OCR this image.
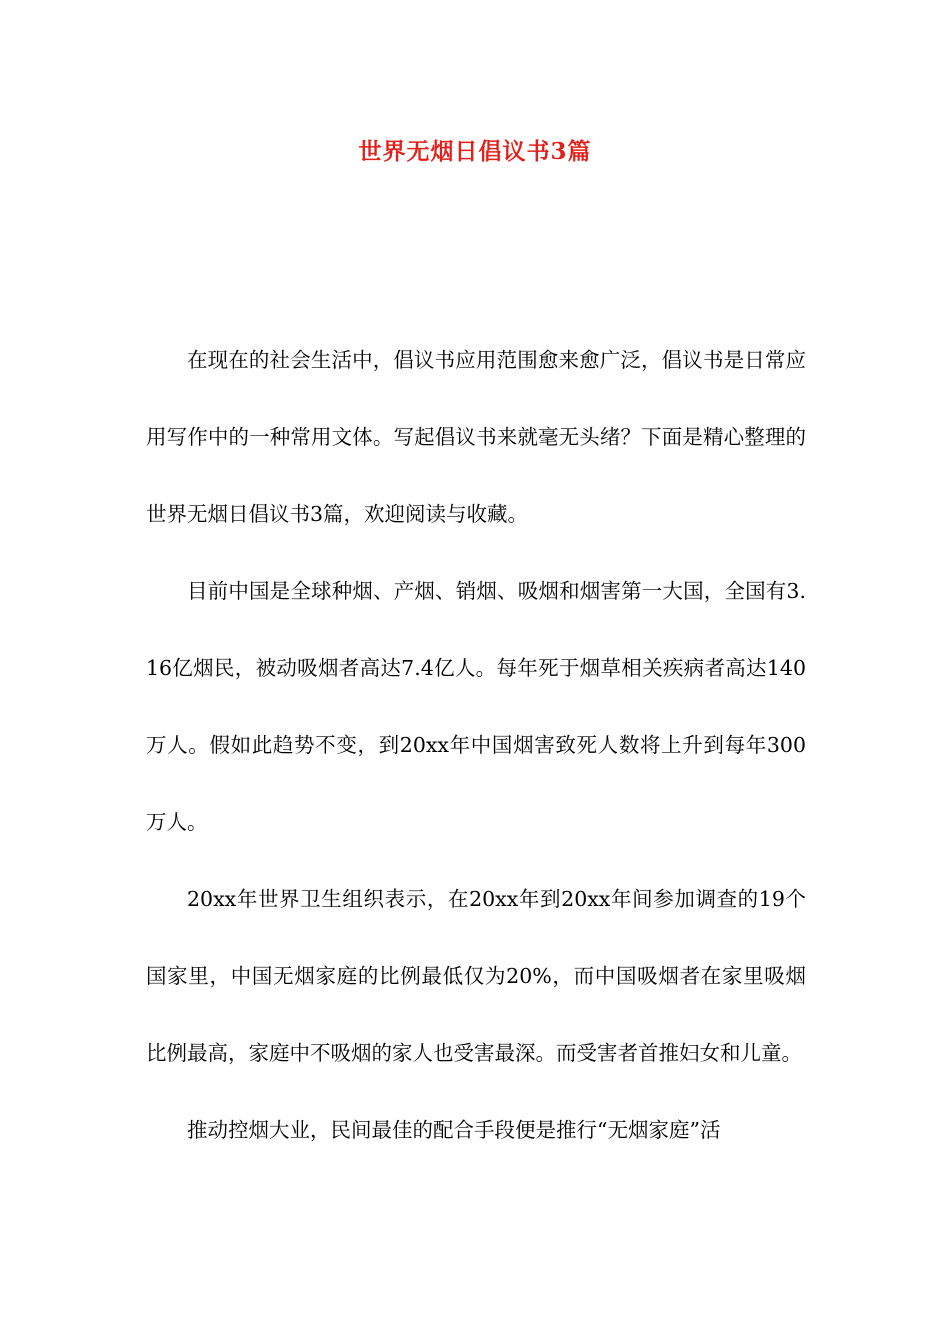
世界无烟日倡议书3篇

在现在的社会生活中，倡议书应用范围愈来愈广泛，倡议书是日常应用写作中的一种常用文体。写起倡议书来就毫无头绪？下面是精心整理的世界无烟日倡议书3篇，欢迎阅读与收藏。

目前中国是全球种烟、产烟、销烟、吸烟和烟害第一大国，全国有3.16亿烟民，被动吸烟者高达7.4亿人。每年死于烟草相关疾病者高达140万人。假如此趋势不变，到20xx年中国烟害致死人数将上升到每年300万人。

20xx年世界卫生组织表示，在20xx年到20xx年间参加调查的19个国家里，中国无烟家庭的比例最低仅为20%，而中国吸烟者在家里吸烟比例最高，家庭中不吸烟的家人也受害最深。而受害者首推妇女和儿童。

推动控烟大业，民间最佳的配合手段便是推行“无烟家庭”活
